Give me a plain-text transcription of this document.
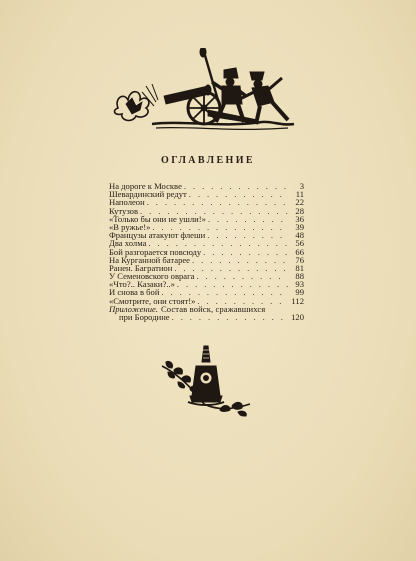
ОГЛАВЛЕНИЕ
На дороге к Москве . . .	3
Шевардинский редут . . .	11
Наполеон . . .	22
Кутузов . . .	28
«Только бы они не ушли!» . . .	36
«В ружье!» . . .	39
Французы атакуют флеши . . .	48
Два холма . . .	56
Бой разгорается повсюду . . .	66
На Курганной батарее . . .	76
Ранен. Багратион . . .	81
У Семеновского оврага . . .	88
«Что?.. Казаки?..» . . .	93
И снова в бой . . .	99
«Смотрите, они стоят!» . . .	112
Приложение. Состав войск, сражавшихся
при Бородине . . .	120
